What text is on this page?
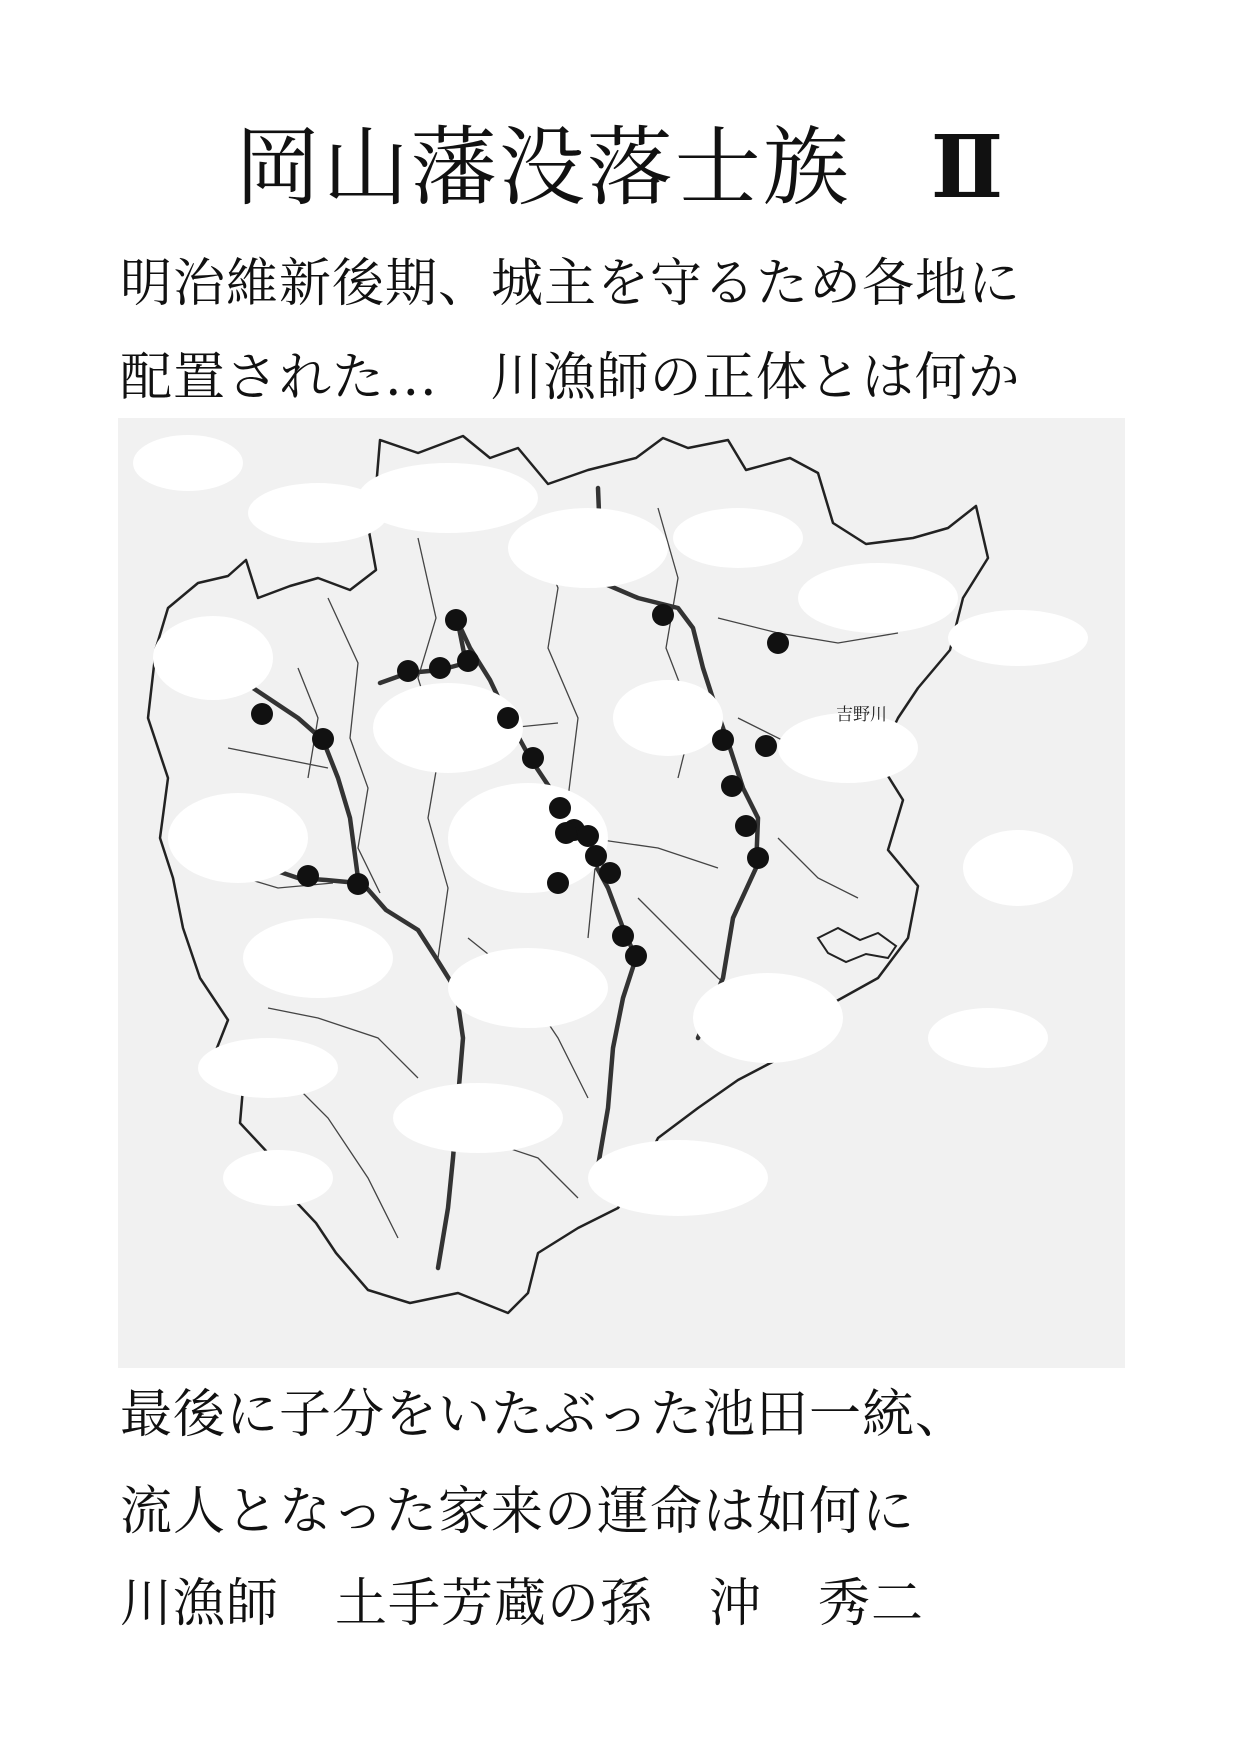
岡山藩没落士族 Ⅱ

明治維新後期、城主を守るため各地に

配置された...　川漁師の正体とは何か

吉野川

最後に子分をいたぶった池田一統、

流人となった家来の運命は如何に

川漁師 土手芳蔵の孫 沖 秀二
